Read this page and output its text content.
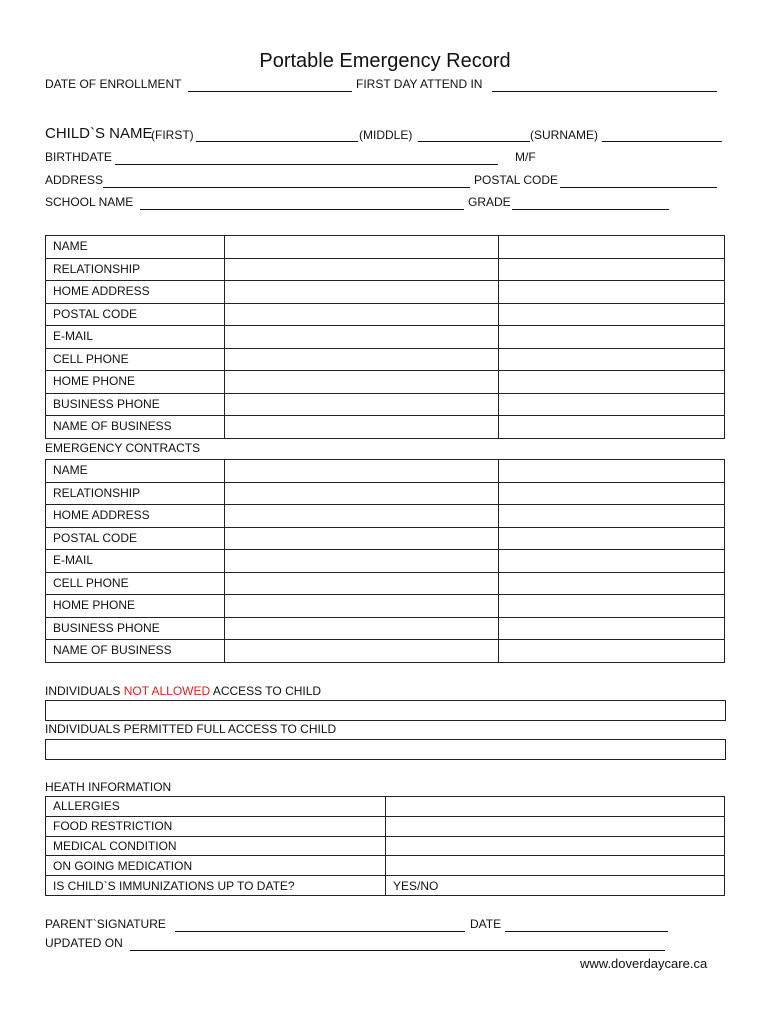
Portable Emergency Record
DATE OF ENROLLMENT	FIRST DAY ATTEND IN
CHILD`S NAME
(FIRST)	(MIDDLE)	(SURNAME)
BIRTHDATE	M/F
ADDRESS	POSTAL CODE
SCHOOL NAME	GRADE
NAME		
RELATIONSHIP		
HOME ADDRESS		
POSTAL CODE		
E-MAIL		
CELL PHONE		
HOME PHONE		
BUSINESS PHONE		
NAME OF BUSINESS		
EMERGENCY CONTRACTS
NAME		
RELATIONSHIP		
HOME ADDRESS		
POSTAL CODE		
E-MAIL		
CELL PHONE		
HOME PHONE		
BUSINESS PHONE		
NAME OF BUSINESS		
INDIVIDUALS NOT ALLOWED ACCESS TO CHILD
INDIVIDUALS PERMITTED FULL ACCESS TO CHILD
HEATH INFORMATION
ALLERGIES	
FOOD RESTRICTION	
MEDICAL CONDITION	
ON GOING MEDICATION	
IS CHILD`S IMMUNIZATIONS UP TO DATE?	YES/NO
PARENT`SIGNATURE	DATE
UPDATED ON
www.doverdaycare.ca
